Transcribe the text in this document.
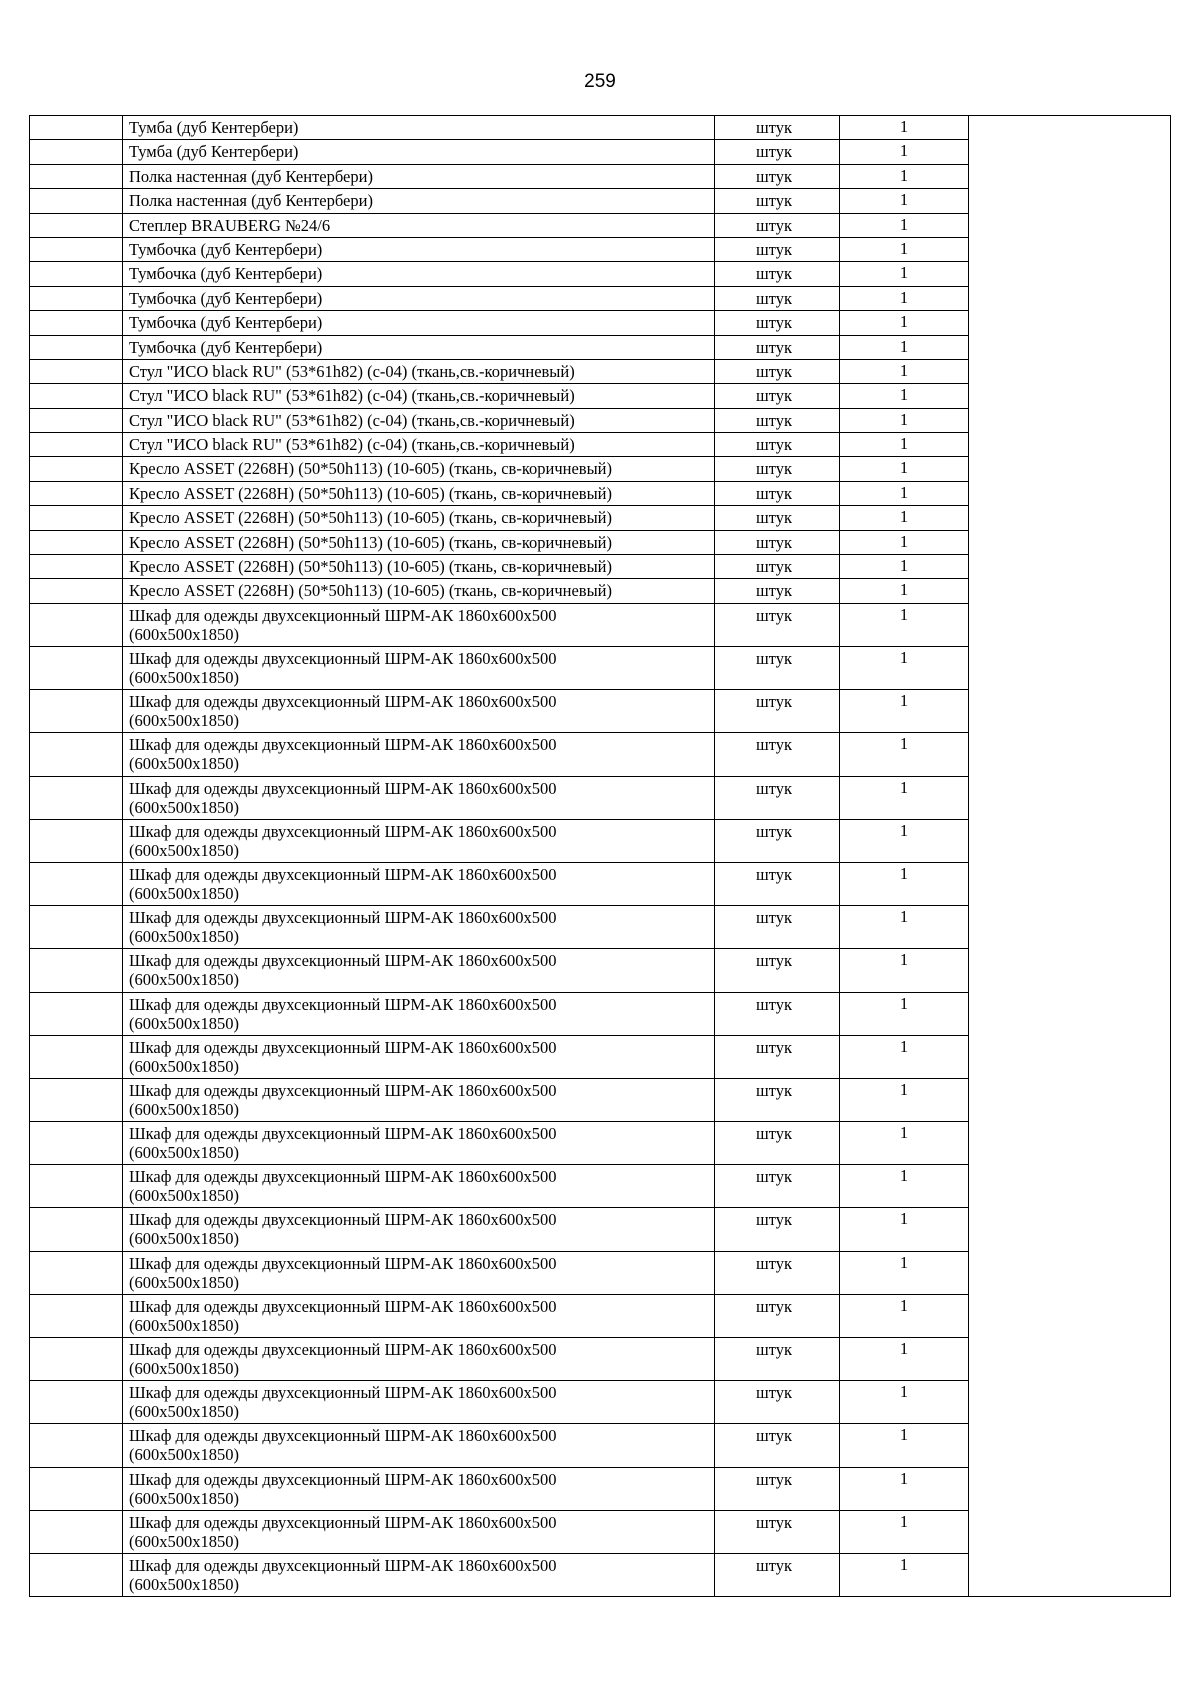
259

	Тумба (дуб Кентербери)	штук	1	

	Тумба (дуб Кентербери)	штук	1	

	Полка настенная (дуб Кентербери)	штук	1	

	Полка настенная (дуб Кентербери)	штук	1	

	Степлер BRAUBERG №24/6	штук	1	

	Тумбочка (дуб Кентербери)	штук	1	

	Тумбочка (дуб Кентербери)	штук	1	

	Тумбочка (дуб Кентербери)	штук	1	

	Тумбочка (дуб Кентербери)	штук	1	

	Тумбочка (дуб Кентербери)	штук	1	

	Стул "ИСО black RU" (53*61h82) (с-04) (ткань,св.-коричневый)	штук	1	

	Стул "ИСО black RU" (53*61h82) (с-04) (ткань,св.-коричневый)	штук	1	

	Стул "ИСО black RU" (53*61h82) (с-04) (ткань,св.-коричневый)	штук	1	

	Стул "ИСО black RU" (53*61h82) (с-04) (ткань,св.-коричневый)	штук	1	

	Кресло ASSET (2268H) (50*50h113) (10-605) (ткань, св-коричневый)	штук	1	

	Кресло ASSET (2268H) (50*50h113) (10-605) (ткань, св-коричневый)	штук	1	

	Кресло ASSET (2268H) (50*50h113) (10-605) (ткань, св-коричневый)	штук	1	

	Кресло ASSET (2268H) (50*50h113) (10-605) (ткань, св-коричневый)	штук	1	

	Кресло ASSET (2268H) (50*50h113) (10-605) (ткань, св-коричневый)	штук	1	

	Кресло ASSET (2268H) (50*50h113) (10-605) (ткань, св-коричневый)	штук	1	

	Шкаф для одежды двухсекционный ШРМ-АК 1860х600х500
(600х500х1850)	штук	1	

	Шкаф для одежды двухсекционный ШРМ-АК 1860х600х500
(600х500х1850)	штук	1	

	Шкаф для одежды двухсекционный ШРМ-АК 1860х600х500
(600х500х1850)	штук	1	

	Шкаф для одежды двухсекционный ШРМ-АК 1860х600х500
(600х500х1850)	штук	1	

	Шкаф для одежды двухсекционный ШРМ-АК 1860х600х500
(600х500х1850)	штук	1	

	Шкаф для одежды двухсекционный ШРМ-АК 1860х600х500
(600х500х1850)	штук	1	

	Шкаф для одежды двухсекционный ШРМ-АК 1860х600х500
(600х500х1850)	штук	1	

	Шкаф для одежды двухсекционный ШРМ-АК 1860х600х500
(600х500х1850)	штук	1	

	Шкаф для одежды двухсекционный ШРМ-АК 1860х600х500
(600х500х1850)	штук	1	

	Шкаф для одежды двухсекционный ШРМ-АК 1860х600х500
(600х500х1850)	штук	1	

	Шкаф для одежды двухсекционный ШРМ-АК 1860х600х500
(600х500х1850)	штук	1	

	Шкаф для одежды двухсекционный ШРМ-АК 1860х600х500
(600х500х1850)	штук	1	

	Шкаф для одежды двухсекционный ШРМ-АК 1860х600х500
(600х500х1850)	штук	1	

	Шкаф для одежды двухсекционный ШРМ-АК 1860х600х500
(600х500х1850)	штук	1	

	Шкаф для одежды двухсекционный ШРМ-АК 1860х600х500
(600х500х1850)	штук	1	

	Шкаф для одежды двухсекционный ШРМ-АК 1860х600х500
(600х500х1850)	штук	1	

	Шкаф для одежды двухсекционный ШРМ-АК 1860х600х500
(600х500х1850)	штук	1	

	Шкаф для одежды двухсекционный ШРМ-АК 1860х600х500
(600х500х1850)	штук	1	

	Шкаф для одежды двухсекционный ШРМ-АК 1860х600х500
(600х500х1850)	штук	1	

	Шкаф для одежды двухсекционный ШРМ-АК 1860х600х500
(600х500х1850)	штук	1	

	Шкаф для одежды двухсекционный ШРМ-АК 1860х600х500
(600х500х1850)	штук	1	

	Шкаф для одежды двухсекционный ШРМ-АК 1860х600х500
(600х500х1850)	штук	1	

	Шкаф для одежды двухсекционный ШРМ-АК 1860х600х500
(600х500х1850)	штук	1	
